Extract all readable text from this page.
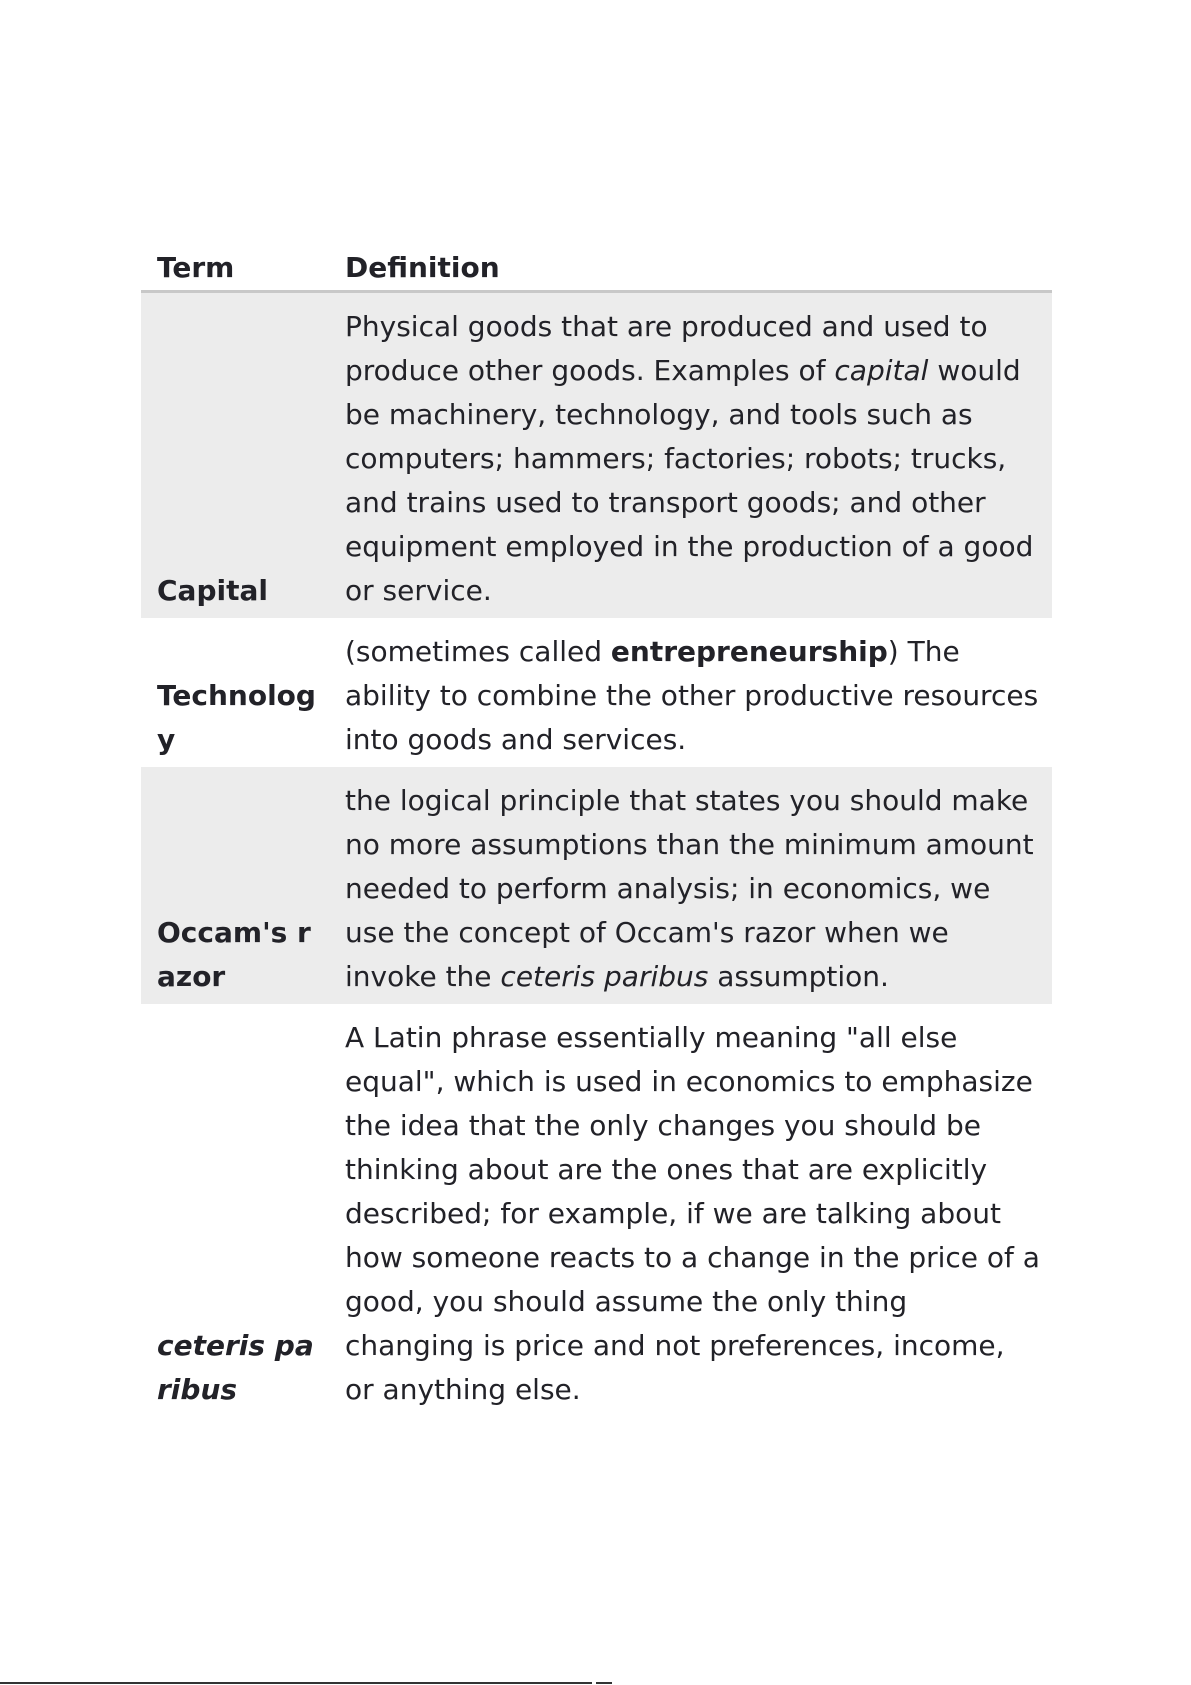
Term	Definition
Capital	Physical goods that are produced and used to produce other goods. Examples of capital would be machinery, technology, and tools such as computers; hammers; factories; robots; trucks, and trains used to transport goods; and other equipment employed in the production of a good or service.
Technology	(sometimes called entrepreneurship) The ability to combine the other productive resources into goods and services.
Occam's razor	the logical principle that states you should make no more assumptions than the minimum amount needed to perform analysis; in economics, we use the concept of Occam's razor when we invoke the ceteris paribus assumption.
ceteris paribus	A Latin phrase essentially meaning "all else equal", which is used in economics to emphasize the idea that the only changes you should be thinking about are the ones that are explicitly described; for example, if we are talking about how someone reacts to a change in the price of a good, you should assume the only thing changing is price and not preferences, income, or anything else.
